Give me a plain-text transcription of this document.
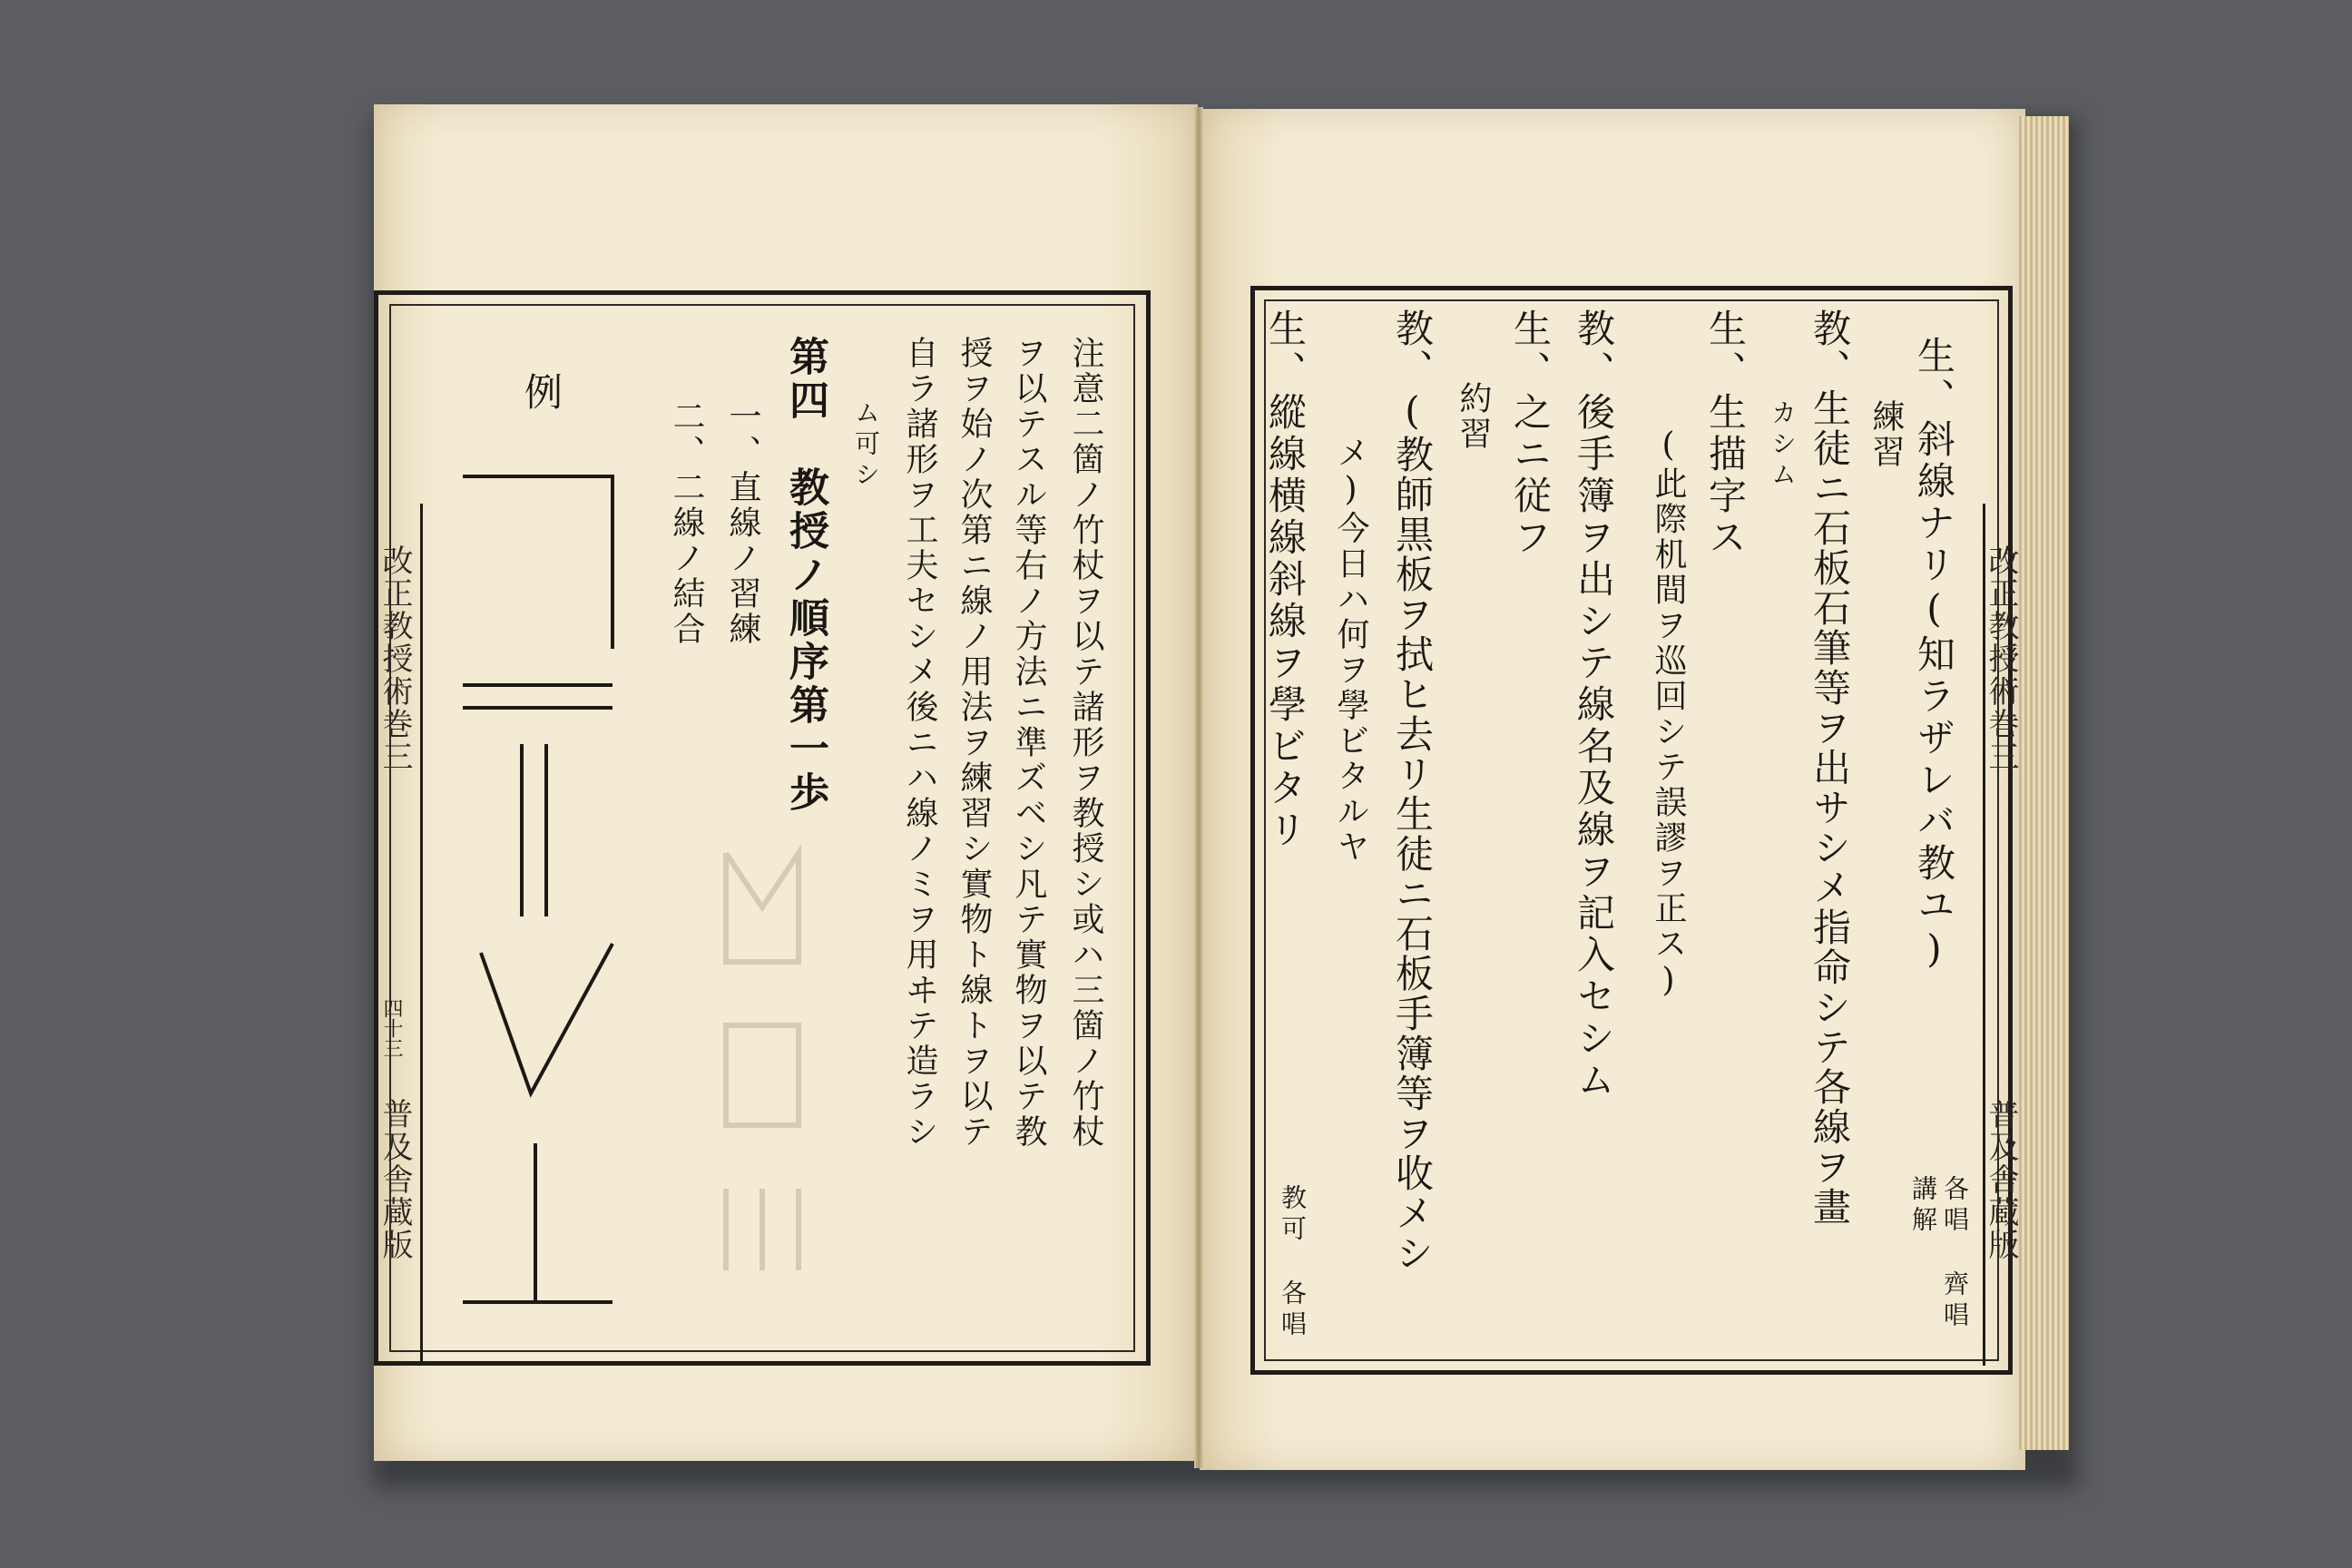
改正教授術巻三
四十三
普及舎蔵版
例
二、二線ノ結合 一、直線ノ習練 第四　教授ノ順序第一歩 ム可シ 自ラ諸形ヲ工夫セシメ後ニハ線ノミヲ用ヰテ造ラシ 授ヲ始ノ次第ニ線ノ用法ヲ練習シ實物ト線トヲ以テ ヲ以テスル等右ノ方法ニ準ズベシ凡テ實物ヲ以テ教 注意二箇ノ竹杖ヲ以テ諸形ヲ教授シ或ハ三箇ノ竹杖	改正教授術巻三
普及舎蔵版
生、斜線ナリ(知ラザレバ教ユ)
練習
教、生徒ニ石板石筆等ヲ出サシメ指命シテ各線ヲ畫
カシム
生、生描字ス
(此際机間ヲ巡回シテ誤謬ヲ正ス)
教、後手簿ヲ出シテ線名及線ヲ記入セシム
生、之ニ従フ
約習
教、(教師黒板ヲ拭ヒ去リ生徒ニ石板手簿等ヲ收メシ
メ)今日ハ何ヲ學ビタルヤ
生、縱線横線斜線ヲ學ビタリ
各唱
講解
齊唱
教可
各唱
